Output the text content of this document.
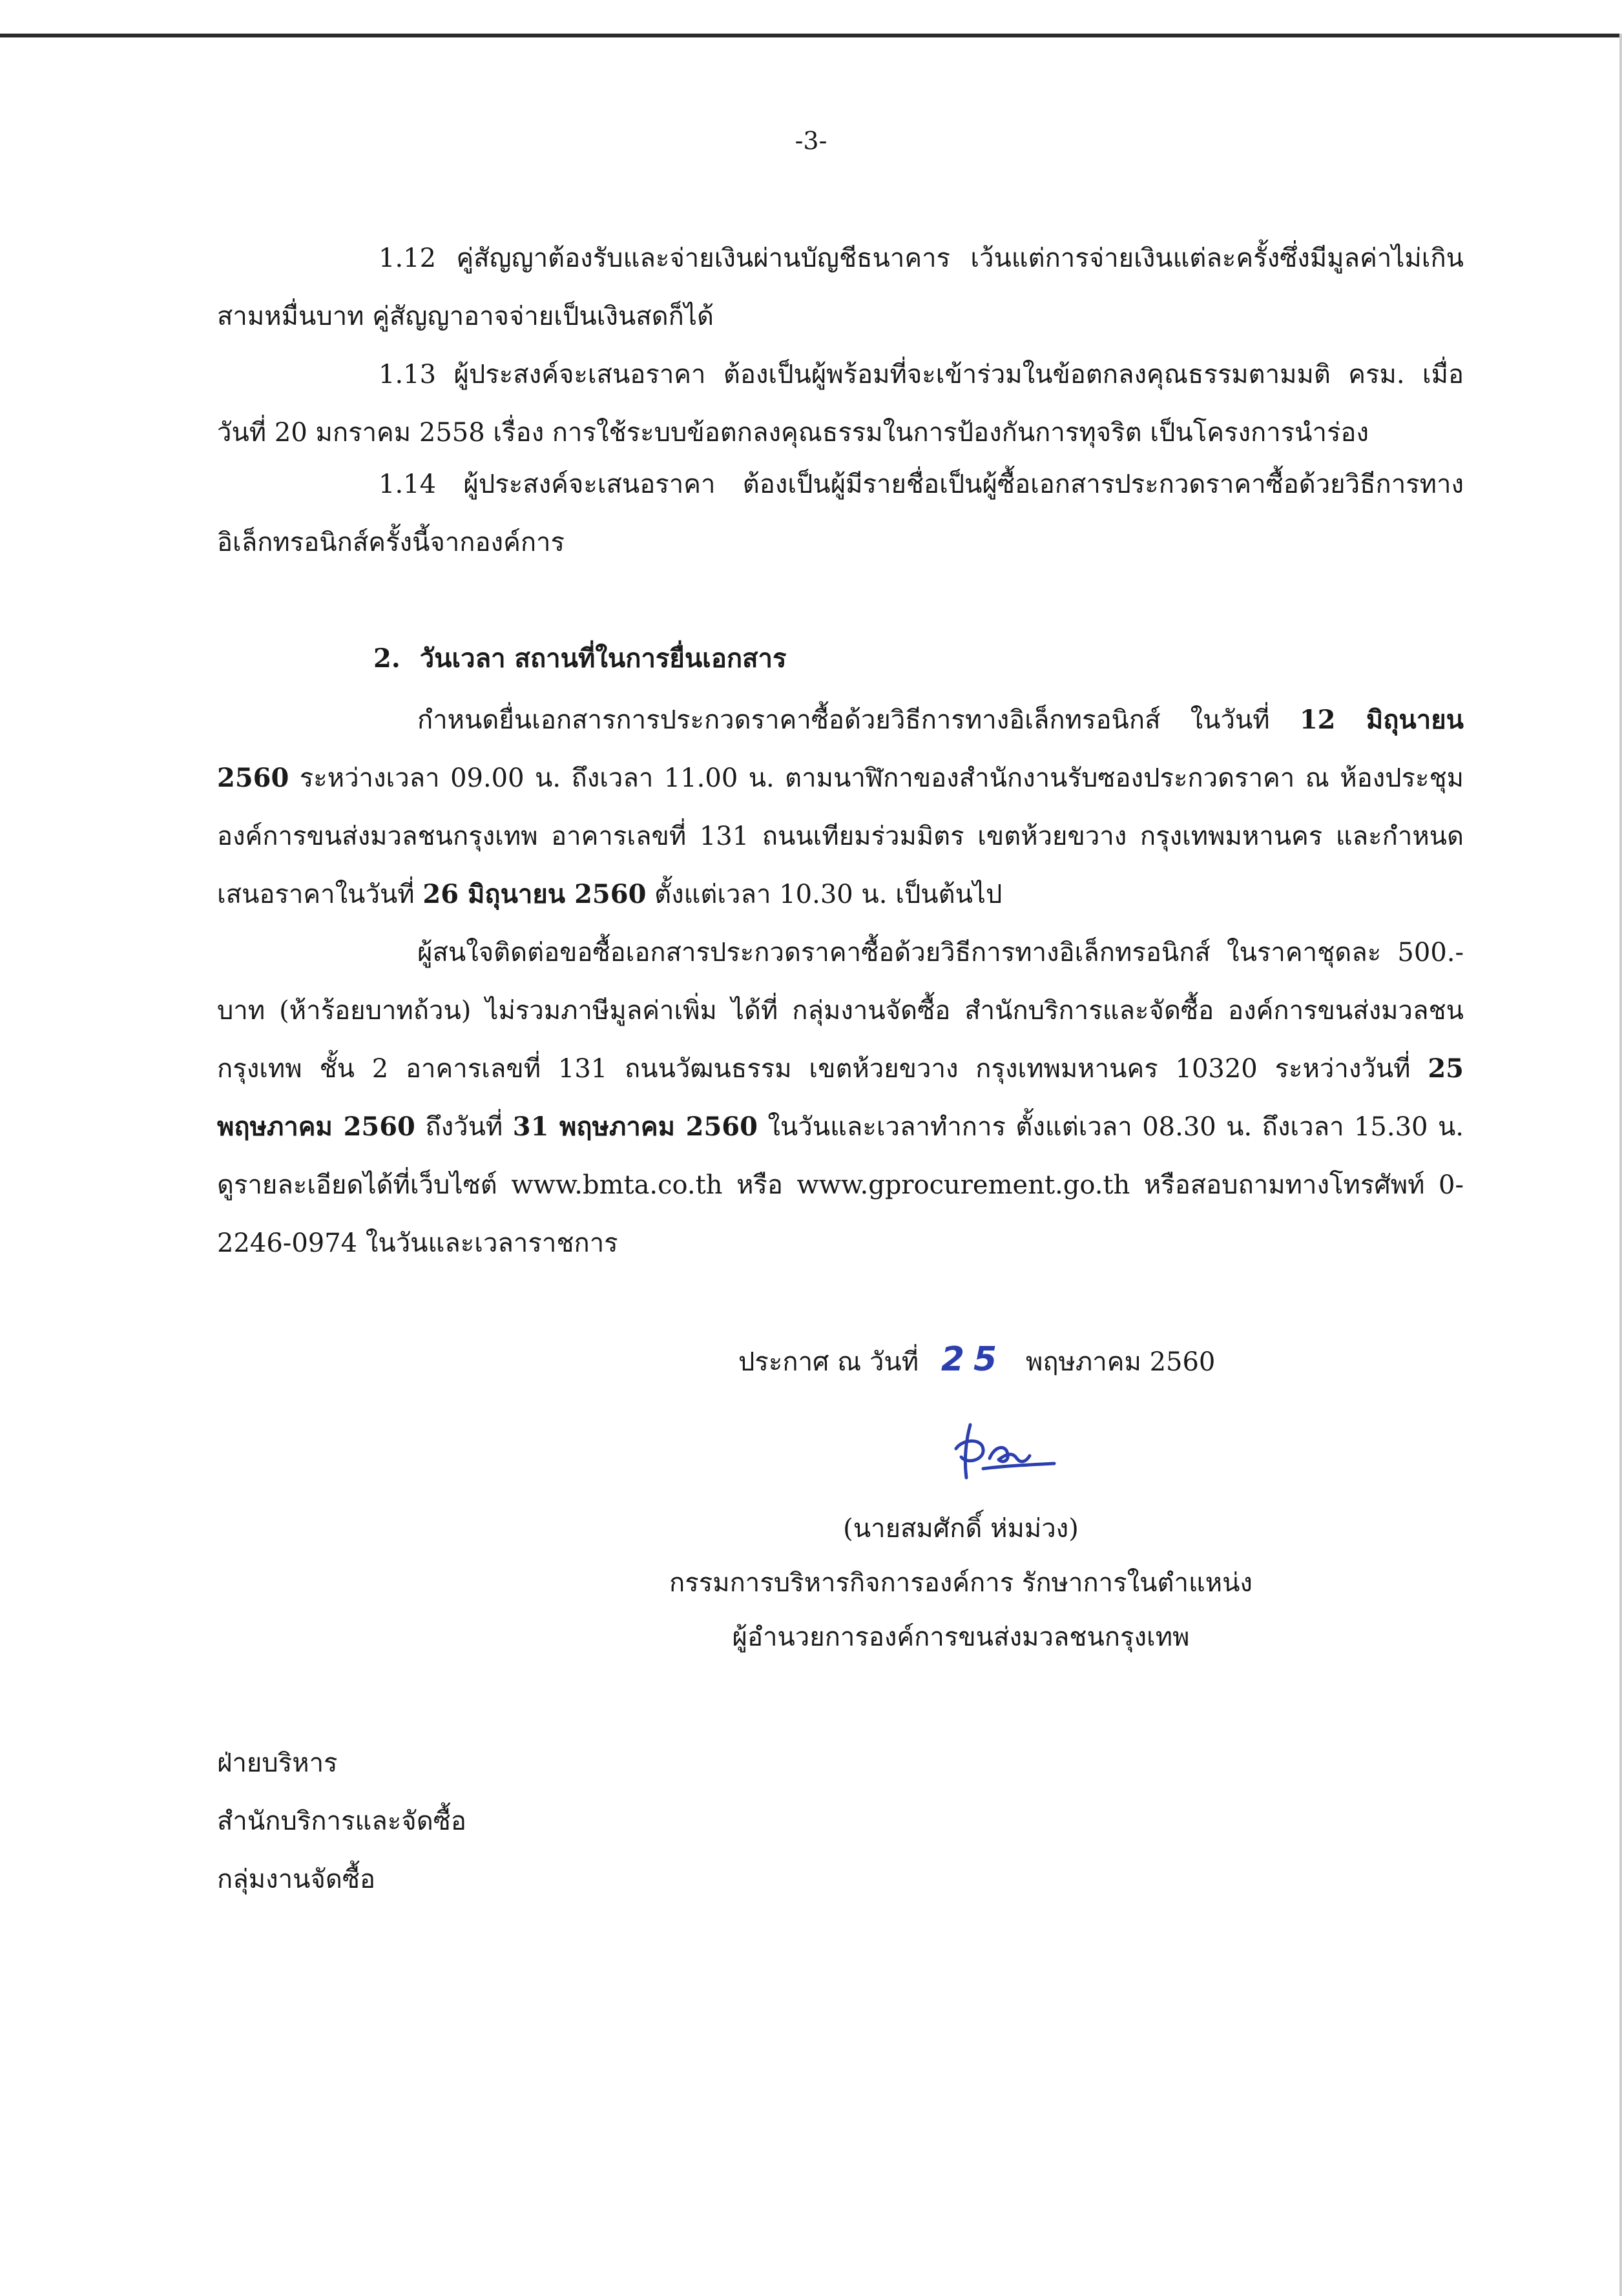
-3-

1.12 คู่สัญญาต้องรับและจ่ายเงินผ่านบัญชีธนาคาร เว้นแต่การจ่ายเงินแต่ละครั้งซึ่งมีมูลค่าไม่เกิน สามหมื่นบาท คู่สัญญาอาจจ่ายเป็นเงินสดก็ได้

1.13 ผู้ประสงค์จะเสนอราคา ต้องเป็นผู้พร้อมที่จะเข้าร่วมในข้อตกลงคุณธรรมตามมติ ครม. เมื่อ วันที่ 20 มกราคม 2558 เรื่อง การใช้ระบบข้อตกลงคุณธรรมในการป้องกันการทุจริต เป็นโครงการนำร่อง

1.14 ผู้ประสงค์จะเสนอราคา ต้องเป็นผู้มีรายชื่อเป็นผู้ซื้อเอกสารประกวดราคาซื้อด้วยวิธีการทาง อิเล็กทรอนิกส์ครั้งนี้จากองค์การ

2. วันเวลา สถานที่ในการยื่นเอกสาร

กำหนดยื่นเอกสารการประกวดราคาซื้อด้วยวิธีการทางอิเล็กทรอนิกส์ ในวันที่ 12 มิถุนายน 2560 ระหว่างเวลา 09.00 น. ถึงเวลา 11.00 น. ตามนาฬิกาของสำนักงานรับซองประกวดราคา ณ ห้องประชุมองค์การขนส่งมวลชนกรุงเทพ อาคารเลขที่ 131 ถนนเทียมร่วมมิตร เขตห้วยขวาง กรุงเทพมหานคร และกำหนดเสนอราคาในวันที่ 26 มิถุนายน 2560 ตั้งแต่เวลา 10.30 น. เป็นต้นไป

ผู้สนใจติดต่อขอซื้อเอกสารประกวดราคาซื้อด้วยวิธีการทางอิเล็กทรอนิกส์ ในราคาชุดละ 500.-บาท (ห้าร้อยบาทถ้วน) ไม่รวมภาษีมูลค่าเพิ่ม ได้ที่ กลุ่มงานจัดซื้อ สำนักบริการและจัดซื้อ องค์การขนส่งมวลชนกรุงเทพ ชั้น 2 อาคารเลขที่ 131 ถนนวัฒนธรรม เขตห้วยขวาง กรุงเทพมหานคร 10320 ระหว่างวันที่ 25 พฤษภาคม 2560 ถึงวันที่ 31 พฤษภาคม 2560 ในวันและเวลาทำการ ตั้งแต่เวลา 08.30 น. ถึงเวลา 15.30 น. ดูรายละเอียดได้ที่เว็บไซต์ www.bmta.co.th หรือ www.gprocurement.go.th หรือสอบถามทางโทรศัพท์ 0-2246-0974 ในวันและเวลาราชการ

ประกาศ ณ วันที่ 25 พฤษภาคม 2560
(นายสมศักดิ์ ห่มม่วง)
กรรมการบริหารกิจการองค์การ รักษาการในตำแหน่ง
ผู้อำนวยการองค์การขนส่งมวลชนกรุงเทพ
ฝ่ายบริหาร
สำนักบริการและจัดซื้อ
กลุ่มงานจัดซื้อ
